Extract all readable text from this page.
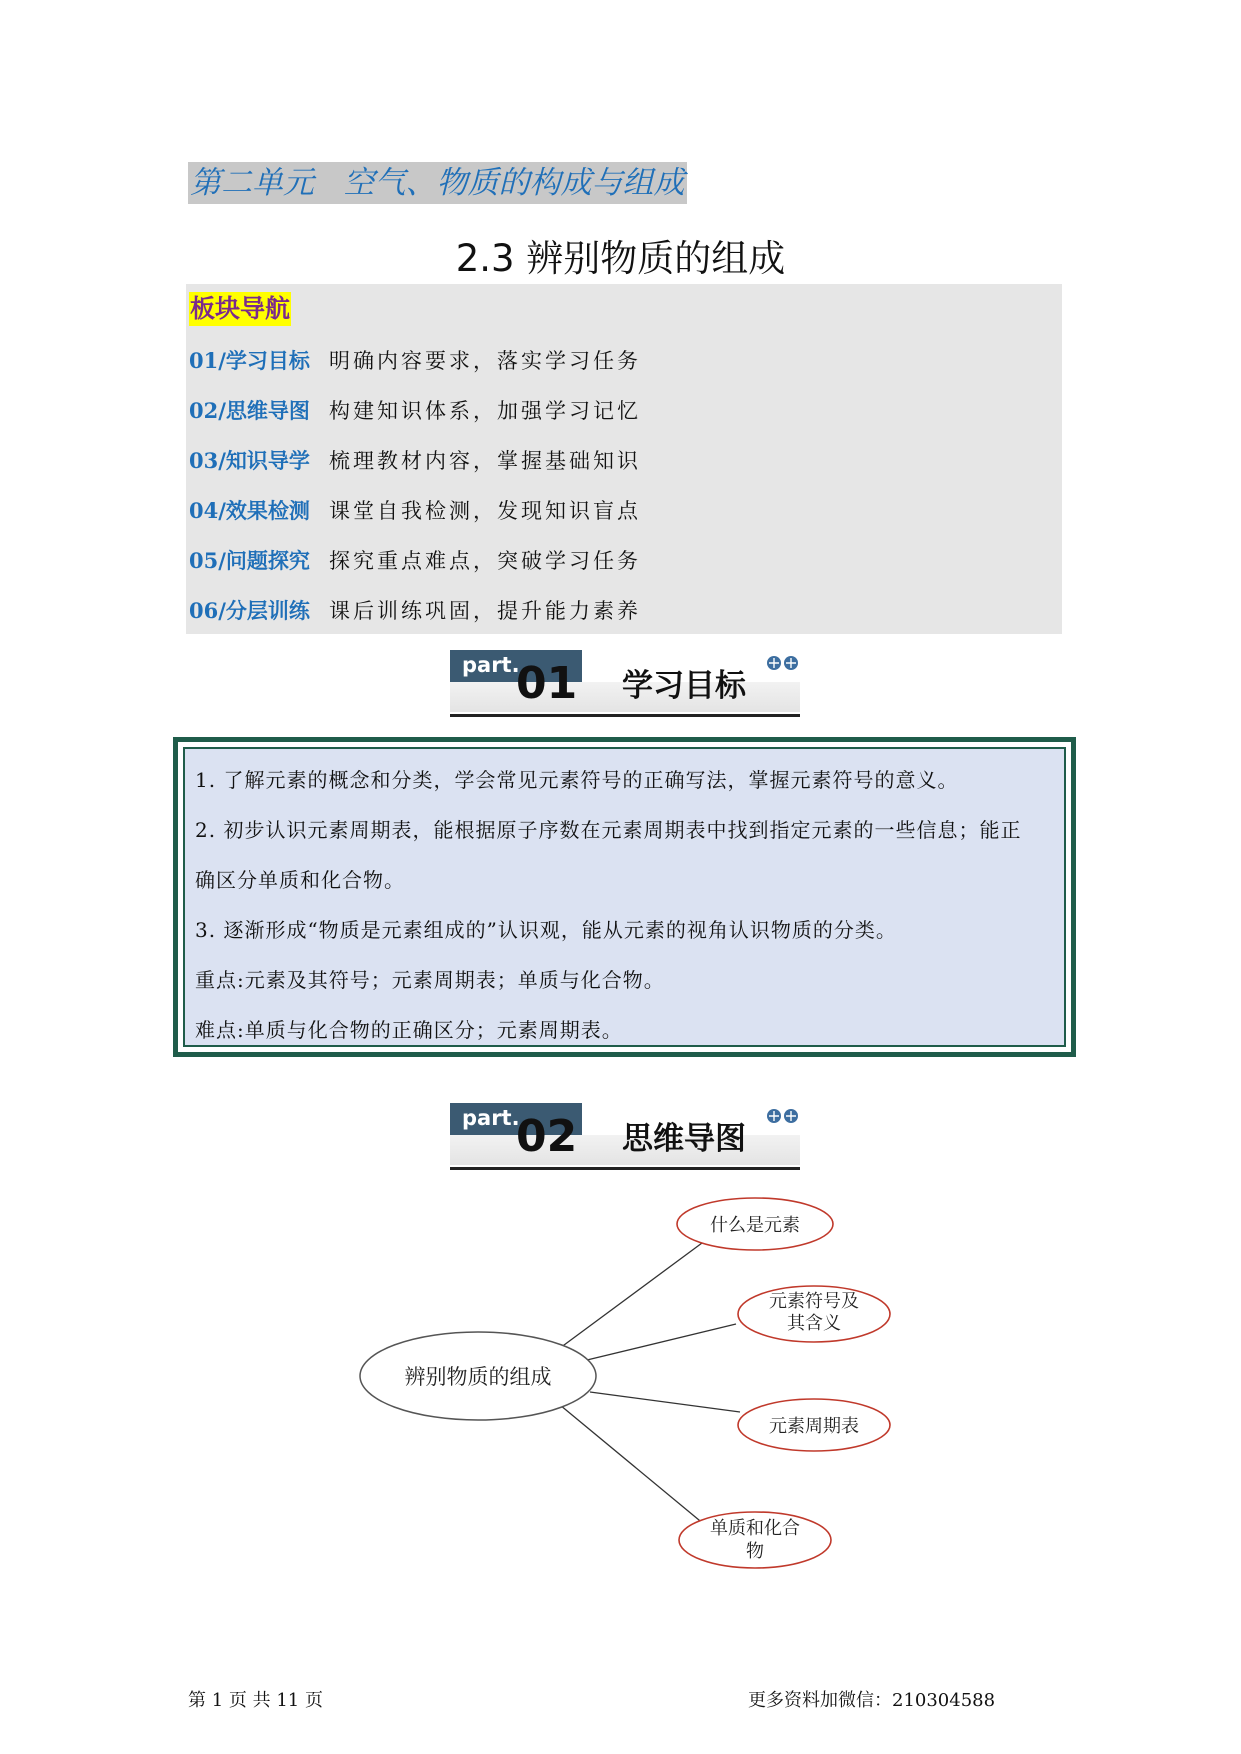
第二单元   空气、物质的构成与组成
2.3 辨别物质的组成
板块导航
01/学习目标 明确内容要求，落实学习任务
02/思维导图 构建知识体系，加强学习记忆
03/知识导学 梳理教材内容，掌握基础知识
04/效果检测 课堂自我检测，发现知识盲点
05/问题探究 探究重点难点，突破学习任务
06/分层训练 课后训练巩固，提升能力素养
part.
01 学习目标
1. 了解元素的概念和分类，学会常见元素符号的正确写法，掌握元素符号的意义。
2. 初步认识元素周期表，能根据原子序数在元素周期表中找到指定元素的一些信息；能正
确区分单质和化合物。
3. 逐渐形成“物质是元素组成的”认识观，能从元素的视角认识物质的分类。
重点:元素及其符号；元素周期表；单质与化合物。
难点:单质与化合物的正确区分；元素周期表。
part.
02 思维导图
辨别物质的组成
什么是元素
元素符号及
其含义
元素周期表
单质和化合
物
第 1 页 共 11 页	更多资料加微信：210304588
